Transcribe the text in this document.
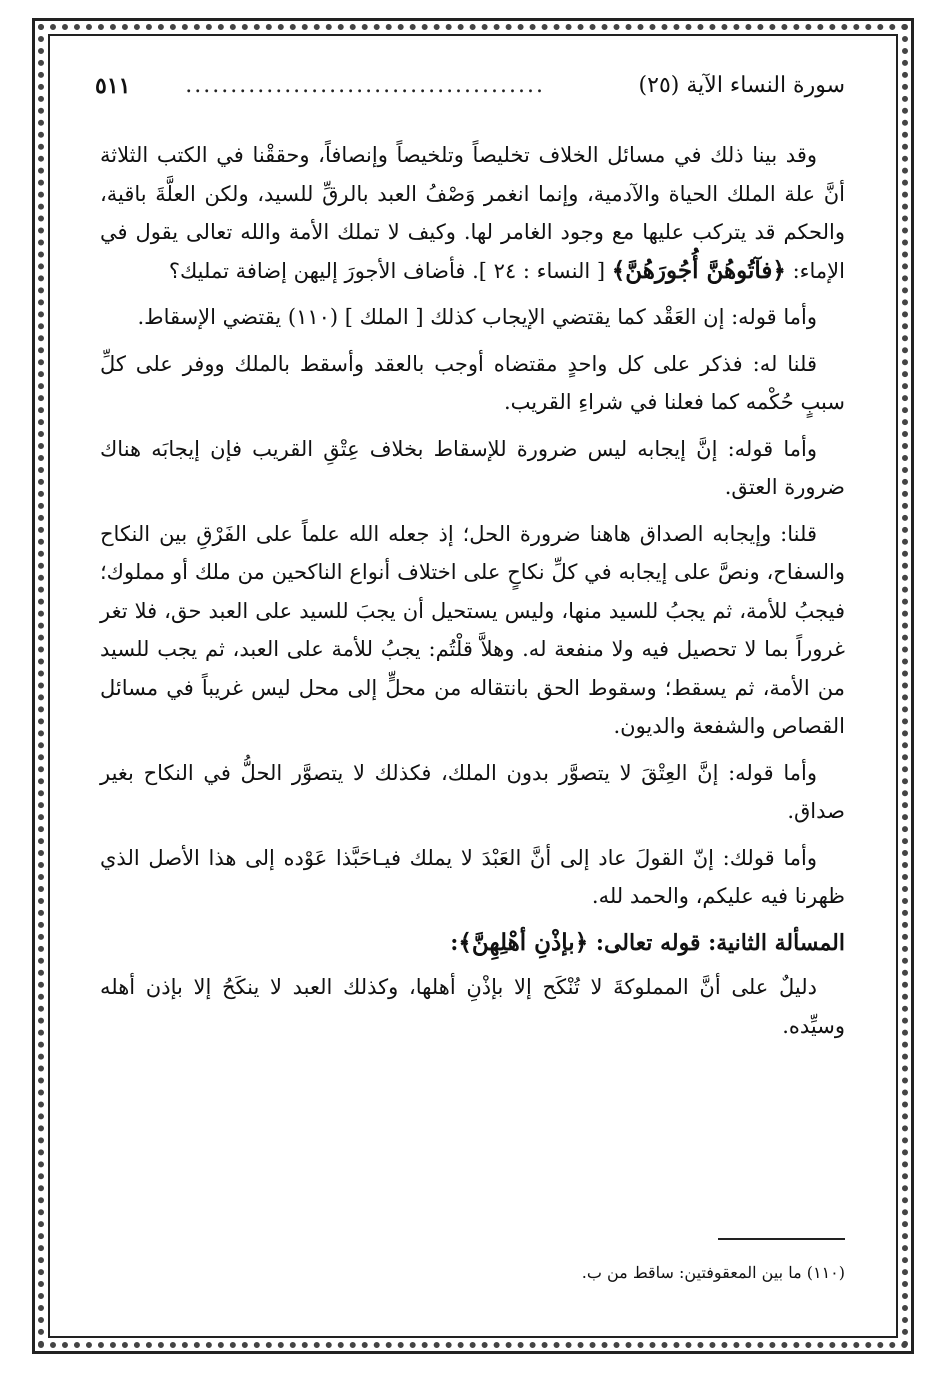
سورة النساء الآية (٢٥)
........................................
٥١١

وقد بينا ذلك في مسائل الخلاف تخليصاً وتلخيصاً وإنصافاً، وحققْنا في الكتب الثلاثة أنَّ علة الملك الحياة والآدمية، وإنما انغمر وَصْفُ العبد بالرقِّ للسيد، ولكن العلَّةَ باقية، والحكم قد يتركب عليها مع وجود الغامر لها. وكيف لا تملك الأمة والله تعالى يقول في الإماء: ﴿فآتُوهُنَّ أُجُورَهُنَّ﴾ [ النساء : ٢٤ ]. فأضاف الأجورَ إليهن إضافة تمليك؟

وأما قوله: إن العَقْد كما يقتضي الإيجاب كذلك [ الملك ] (١١٠) يقتضي الإسقاط.

قلنا له: فذكر على كل واحدٍ مقتضاه أوجب بالعقد وأسقط بالملك ووفر على كلِّ سببٍ حُكْمه كما فعلنا في شراءِ القريب.

وأما قوله: إنَّ إيجابه ليس ضرورة للإسقاط بخلاف عِتْقِ القريب فإن إيجابَه هناك ضرورة العتق.

قلنا: وإيجابه الصداق هاهنا ضرورة الحل؛ إذ جعله الله علماً على الفَرْقِ بين النكاح والسفاح، ونصَّ على إيجابه في كلِّ نكاحٍ على اختلاف أنواع الناكحين من ملك أو مملوك؛ فيجبُ للأمة، ثم يجبُ للسيد منها، وليس يستحيل أن يجبَ للسيد على العبد حق، فلا تغر غروراً بما لا تحصيل فيه ولا منفعة له. وهلاَّ قلْتُم: يجبُ للأمة على العبد، ثم يجب للسيد من الأمة، ثم يسقط؛ وسقوط الحق بانتقاله من محلٍّ إلى محل ليس غريباً في مسائل القصاص والشفعة والديون.

وأما قوله: إنَّ العِتْقَ لا يتصوَّر بدون الملك، فكذلك لا يتصوَّر الحلُّ في النكاح بغير صداق.

وأما قولك: إنّ القولَ عاد إلى أنَّ العَبْدَ لا يملك فيـاحَبَّذا عَوْده إلى هذا الأصل الذي ظهرنا فيه عليكم، والحمد لله.

المسألة الثانية: قوله تعالى: ﴿بإذْنِ أهْلِهِنَّ﴾:

دليلٌ على أنَّ المملوكةَ لا تُنْكَح إلا بإذْنِ أهلها، وكذلك العبد لا ينكَحُ إلا بإذن أهله وسيِّده.

(١١٠) ما بين المعقوفتين: ساقط من ب.
